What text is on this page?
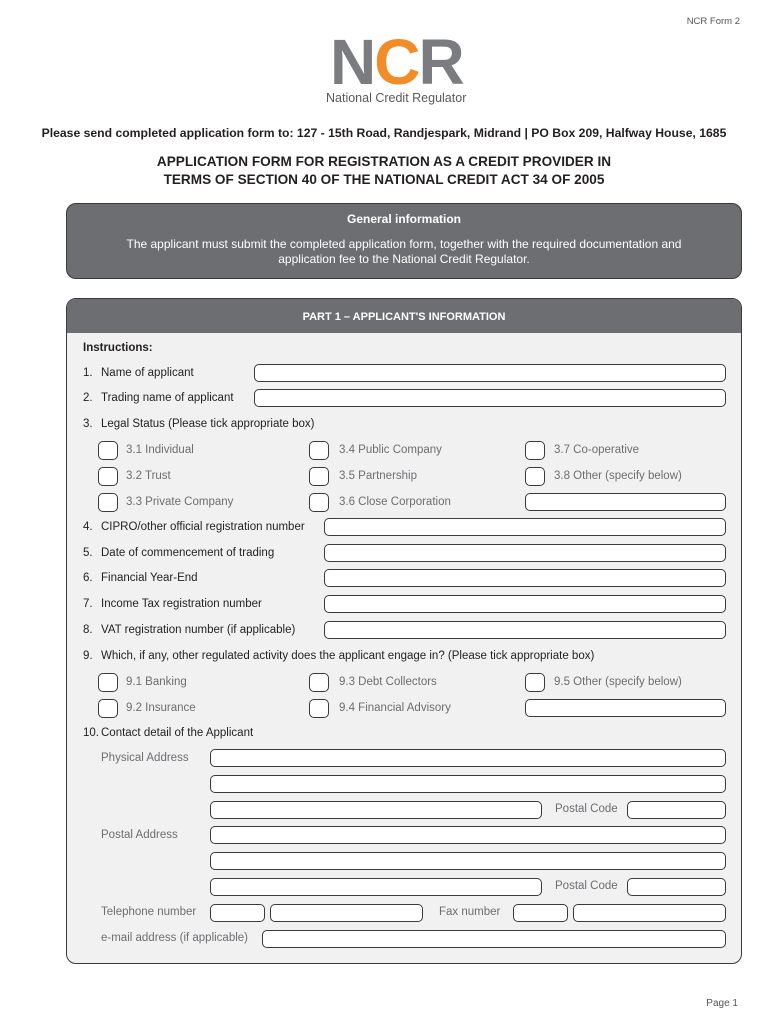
NCR Form 2
NCR
National Credit Regulator
Please send completed application form to: 127 - 15th Road, Randjespark, Midrand | PO Box 209, Halfway House, 1685
APPLICATION FORM FOR REGISTRATION AS A CREDIT PROVIDER IN
TERMS OF SECTION 40 OF THE NATIONAL CREDIT ACT 34 OF 2005
General information
The applicant must submit the completed application form, together with the required documentation and application fee to the National Credit Regulator.
PART 1 – APPLICANT'S INFORMATION
Instructions:
1. Name of applicant
2. Trading name of applicant
3. Legal Status (Please tick appropriate box)
3.1 Individual
3.2 Trust
3.3 Private Company
3.4 Public Company
3.5 Partnership
3.6 Close Corporation
3.7 Co-operative
3.8 Other (specify below)
4. CIPRO/other official registration number
5. Date of commencement of trading
6. Financial Year-End
7. Income Tax registration number
8. VAT registration number (if applicable)
9. Which, if any, other regulated activity does the applicant engage in? (Please tick appropriate box)
9.1 Banking
9.2 Insurance
9.3 Debt Collectors
9.4 Financial Advisory
9.5 Other (specify below)
10. Contact detail of the Applicant
Physical Address
Postal Code
Postal Address
Postal Code
Telephone number	Fax number
e-mail address (if applicable)
Page 1
